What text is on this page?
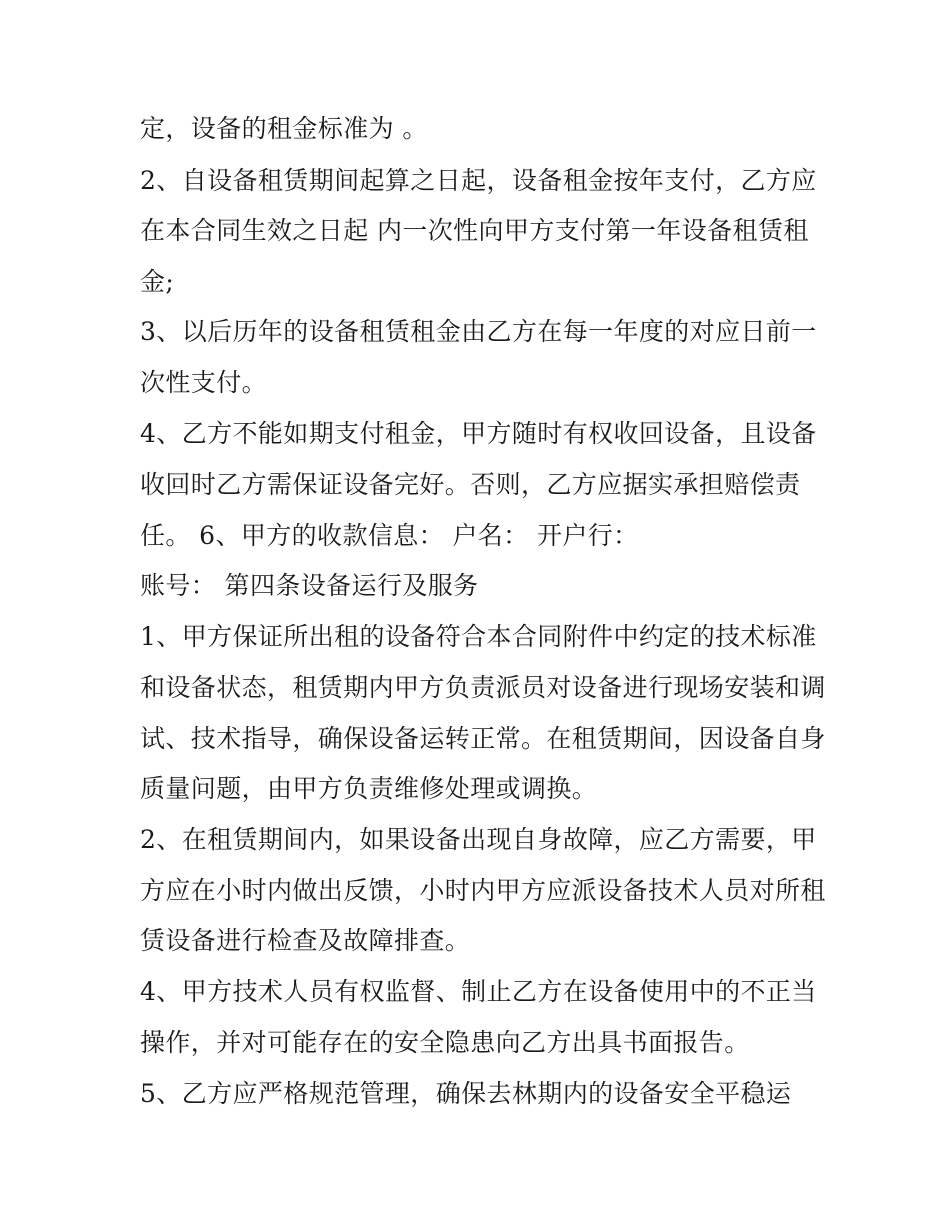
定，设备的租金标准为 。
2、自设备租赁期间起算之日起，设备租金按年支付，乙方应
在本合同生效之日起 内一次性向甲方支付第一年设备租赁租
金;
3、以后历年的设备租赁租金由乙方在每一年度的对应日前一
次性支付。
4、乙方不能如期支付租金，甲方随时有权收回设备，且设备
收回时乙方需保证设备完好。否则，乙方应据实承担赔偿责
任。 6、甲方的收款信息： 户名： 开户行：
账号： 第四条设备运行及服务
1、甲方保证所出租的设备符合本合同附件中约定的技术标准
和设备状态，租赁期内甲方负责派员对设备进行现场安装和调
试、技术指导，确保设备运转正常。在租赁期间，因设备自身
质量问题，由甲方负责维修处理或调换。
2、在租赁期间内，如果设备出现自身故障，应乙方需要，甲
方应在小时内做出反馈，小时内甲方应派设备技术人员对所租
赁设备进行检查及故障排查。
4、甲方技术人员有权监督、制止乙方在设备使用中的不正当
操作，并对可能存在的安全隐患向乙方出具书面报告。
5、乙方应严格规范管理，确保去林期内的设备安全平稳运
